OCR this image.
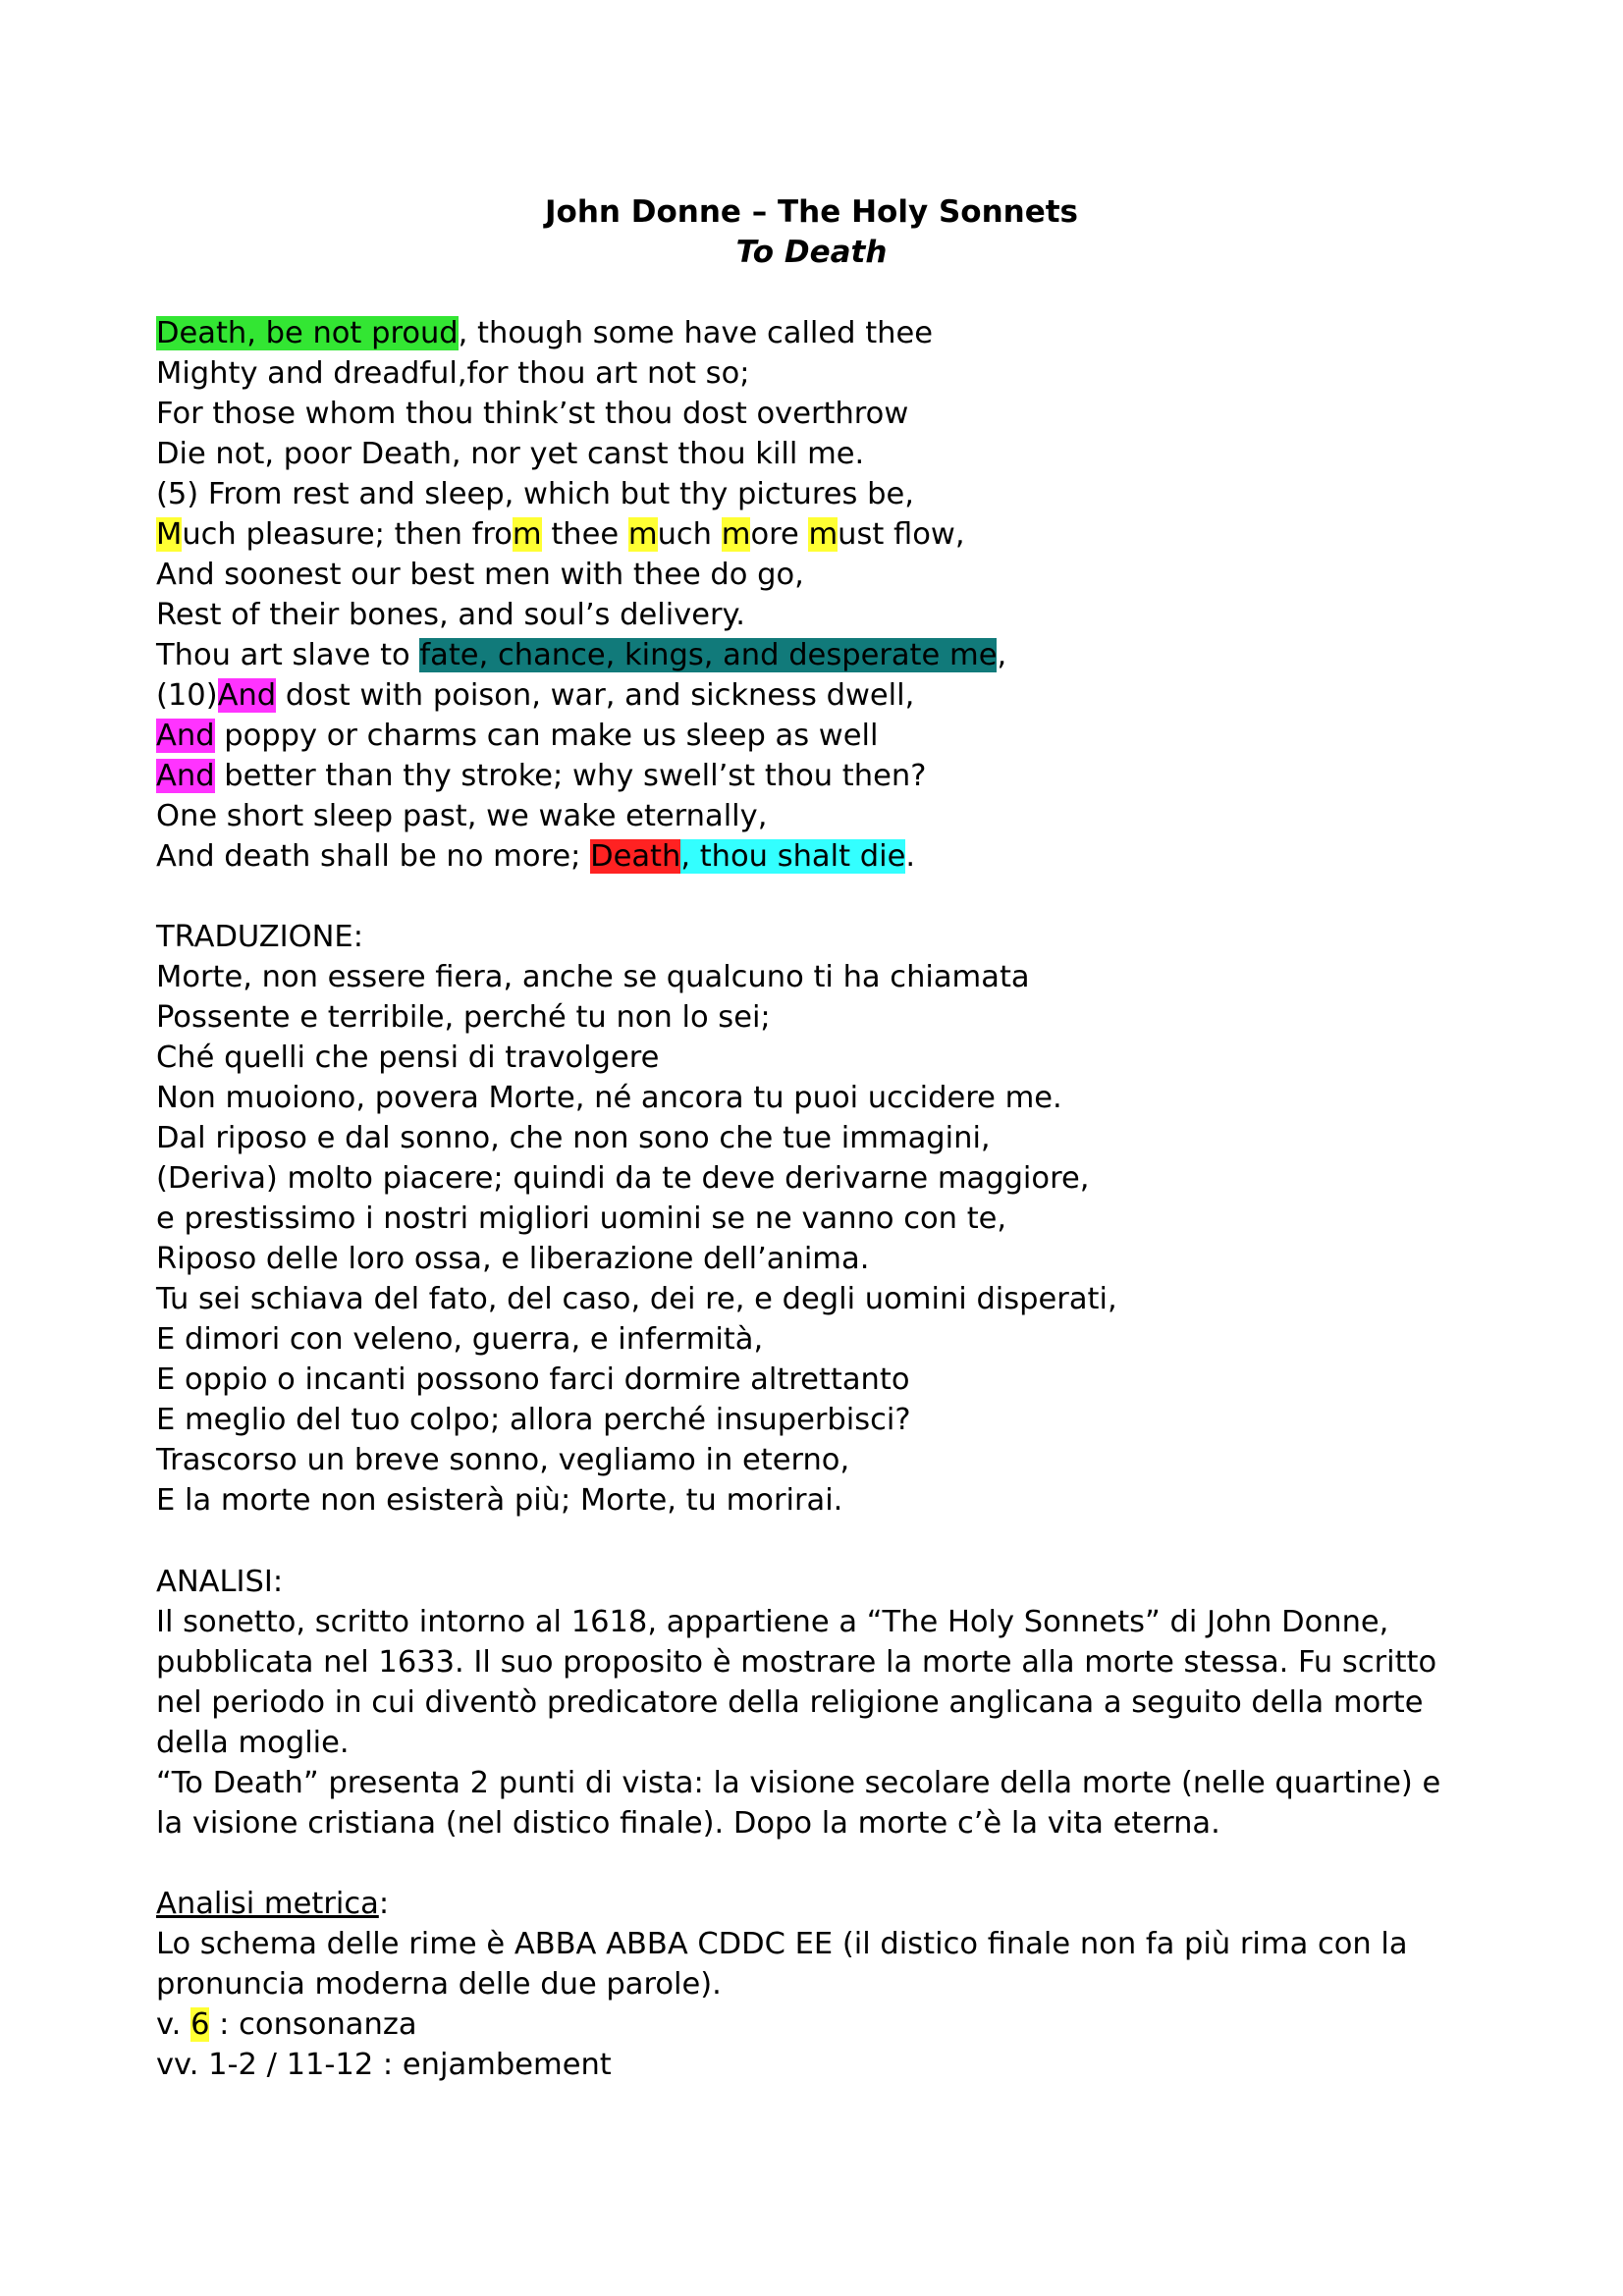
John Donne – The Holy Sonnets
To Death
Death, be not proud, though some have called thee
Mighty and dreadful,for thou art not so;
For those whom thou think’st thou dost overthrow
Die not, poor Death, nor yet canst thou kill me.
(5) From rest and sleep, which but thy pictures be,
Much pleasure; then from thee much more must flow,
And soonest our best men with thee do go,
Rest of their bones, and soul’s delivery.
Thou art slave to fate, chance, kings, and desperate me,
(10)And dost with poison, war, and sickness dwell,
And poppy or charms can make us sleep as well
And better than thy stroke; why swell’st thou then?
One short sleep past, we wake eternally,
And death shall be no more; Death, thou shalt die.
TRADUZIONE:
Morte, non essere fiera, anche se qualcuno ti ha chiamata
Possente e terribile, perché tu non lo sei;
Ché quelli che pensi di travolgere
Non muoiono, povera Morte, né ancora tu puoi uccidere me.
Dal riposo e dal sonno, che non sono che tue immagini,
(Deriva) molto piacere; quindi da te deve derivarne maggiore,
e prestissimo i nostri migliori uomini se ne vanno con te,
Riposo delle loro ossa, e liberazione dell’anima.
Tu sei schiava del fato, del caso, dei re, e degli uomini disperati,
E dimori con veleno, guerra, e infermità,
E oppio o incanti possono farci dormire altrettanto
E meglio del tuo colpo; allora perché insuperbisci?
Trascorso un breve sonno, vegliamo in eterno,
E la morte non esisterà più; Morte, tu morirai.
ANALISI:
Il sonetto, scritto intorno al 1618, appartiene a “The Holy Sonnets” di John Donne, pubblicata nel 1633. Il suo proposito è mostrare la morte alla morte stessa. Fu scritto nel periodo in cui diventò predicatore della religione anglicana a seguito della morte della moglie.
“To Death” presenta 2 punti di vista: la visione secolare della morte (nelle quartine) e la visione cristiana (nel distico finale). Dopo la morte c’è la vita eterna.
Analisi metrica:
Lo schema delle rime è ABBA ABBA CDDC EE (il distico finale non fa più rima con la pronuncia moderna delle due parole).
v. 6 : consonanza
vv. 1-2 / 11-12 : enjambement
